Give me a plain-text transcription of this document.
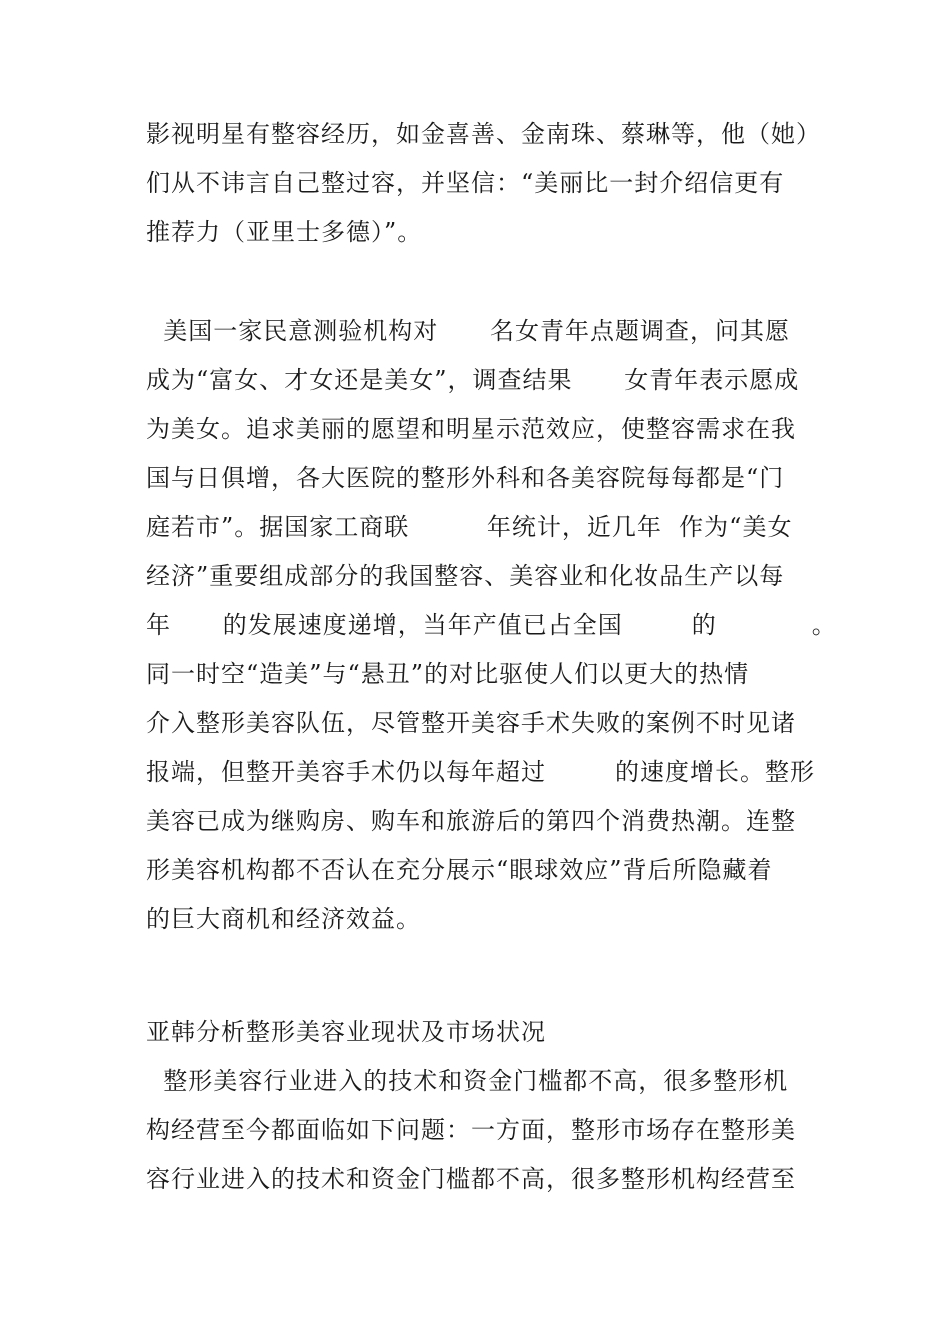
影视明星有整容经历，如金喜善、金南珠、蔡琳等，他（她）
们从不讳言自己整过容，并坚信：“美丽比一封介绍信更有
推荐力（亚里士多德）”。
美国一家民意测验机构对      名女青年点题调查，问其愿
成为“富女、才女还是美女”，调查结果      女青年表示愿成
为美女。追求美丽的愿望和明星示范效应，使整容需求在我
国与日俱增，各大医院的整形外科和各美容院每每都是“门
庭若市”。据国家工商联         年统计，近几年  作为“美女
经济”重要组成部分的我国整容、美容业和化妆品生产以每
年      的发展速度递增，当年产值已占全国        的           。
同一时空“造美”与“悬丑”的对比驱使人们以更大的热情
介入整形美容队伍，尽管整开美容手术失败的案例不时见诸
报端，但整开美容手术仍以每年超过        的速度增长。整形
美容已成为继购房、购车和旅游后的第四个消费热潮。连整
形美容机构都不否认在充分展示“眼球效应”背后所隐藏着
的巨大商机和经济效益。
亚韩分析整形美容业现状及市场状况
整形美容行业进入的技术和资金门槛都不高，很多整形机
构经营至今都面临如下问题：一方面，整形市场存在整形美
容行业进入的技术和资金门槛都不高，很多整形机构经营至
